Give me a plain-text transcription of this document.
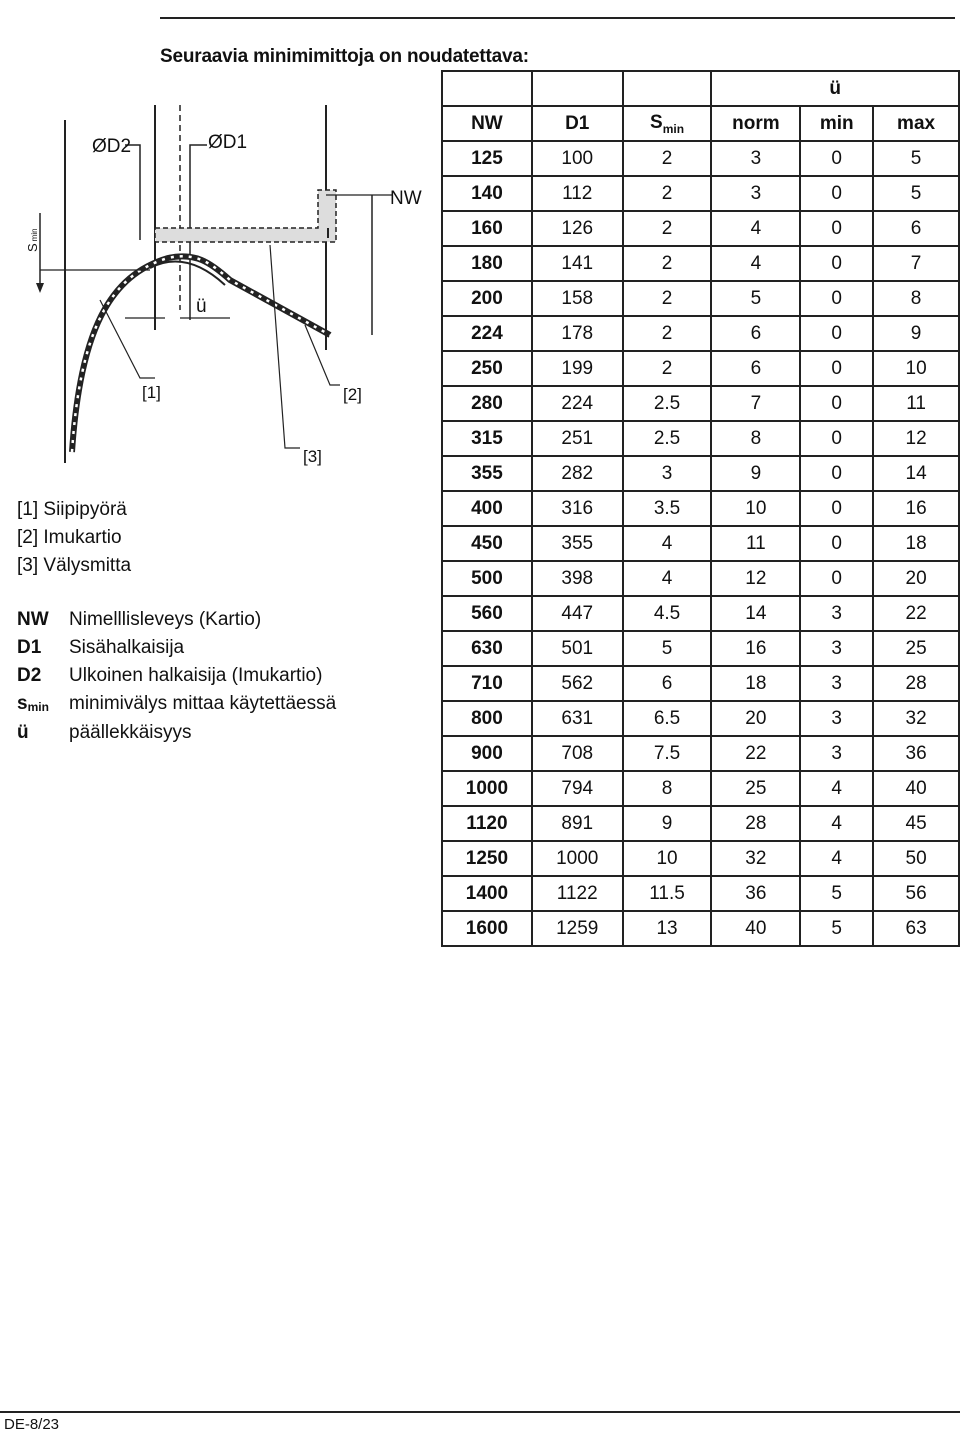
Seuraavia minimimittoja on noudatettava:
ØD2	ØD1
NW
Smin
ü
[1]	[2]
[3]
[1] Siipipyörä
[2] Imukartio
[3] Välysmitta
NW	Nimelllisleveys (Kartio)
D1	Sisähalkaisija
D2	Ulkoinen halkaisija (Imukartio)
$s_{min}$	minimivälys mittaa käytettäessä
ü	päällekkäisyys
			ü		
NW	D1	$S_{min}$	norm	min	max
125	100	2	3	0	5
140	112	2	3	0	5
160	126	2	4	0	6
180	141	2	4	0	7
200	158	2	5	0	8
224	178	2	6	0	9
250	199	2	6	0	10
280	224	2.5	7	0	11
315	251	2.5	8	0	12
355	282	3	9	0	14
400	316	3.5	10	0	16
450	355	4	11	0	18
500	398	4	12	0	20
560	447	4.5	14	3	22
630	501	5	16	3	25
710	562	6	18	3	28
800	631	6.5	20	3	32
900	708	7.5	22	3	36
1000	794	8	25	4	40
1120	891	9	28	4	45
1250	1000	10	32	4	50
1400	1122	11.5	36	5	56
1600	1259	13	40	5	63
DE-8/23
